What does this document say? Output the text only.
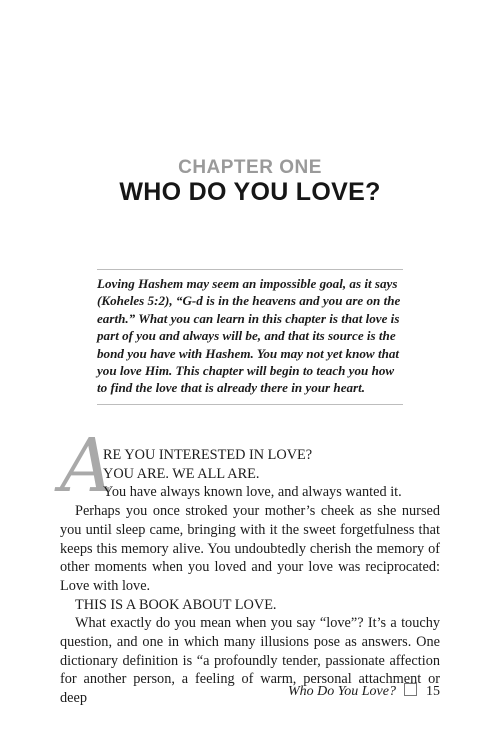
CHAPTER ONE
WHO DO YOU LOVE?
Loving Hashem may seem an impossible goal, as it says (Koheles 5:2), “G-d is in the heavens and you are on the earth.” What you can learn in this chapter is that love is part of you and always will be, and that its source is the bond you have with Hashem. You may not yet know that you love Him. This chapter will begin to teach you how to find the love that is already there in your heart.
A

RE YOU INTERESTED IN LOVE?

YOU ARE. WE ALL ARE.

You have always known love, and always wanted it.

Perhaps you once stroked your mother’s cheek as she nursed you until sleep came, bringing with it the sweet forgetfulness that keeps this memory alive. You undoubtedly cherish the memory of other moments when you loved and your love was reciprocated: Love with love.

THIS IS A BOOK ABOUT LOVE.

What exactly do you mean when you say “love”? It’s a touchy question, and one in which many illusions pose as answers. One dictionary definition is “a profoundly tender, passionate affection for another person, a feeling of warm, personal attachment or deep	Who Do You Love? 15
